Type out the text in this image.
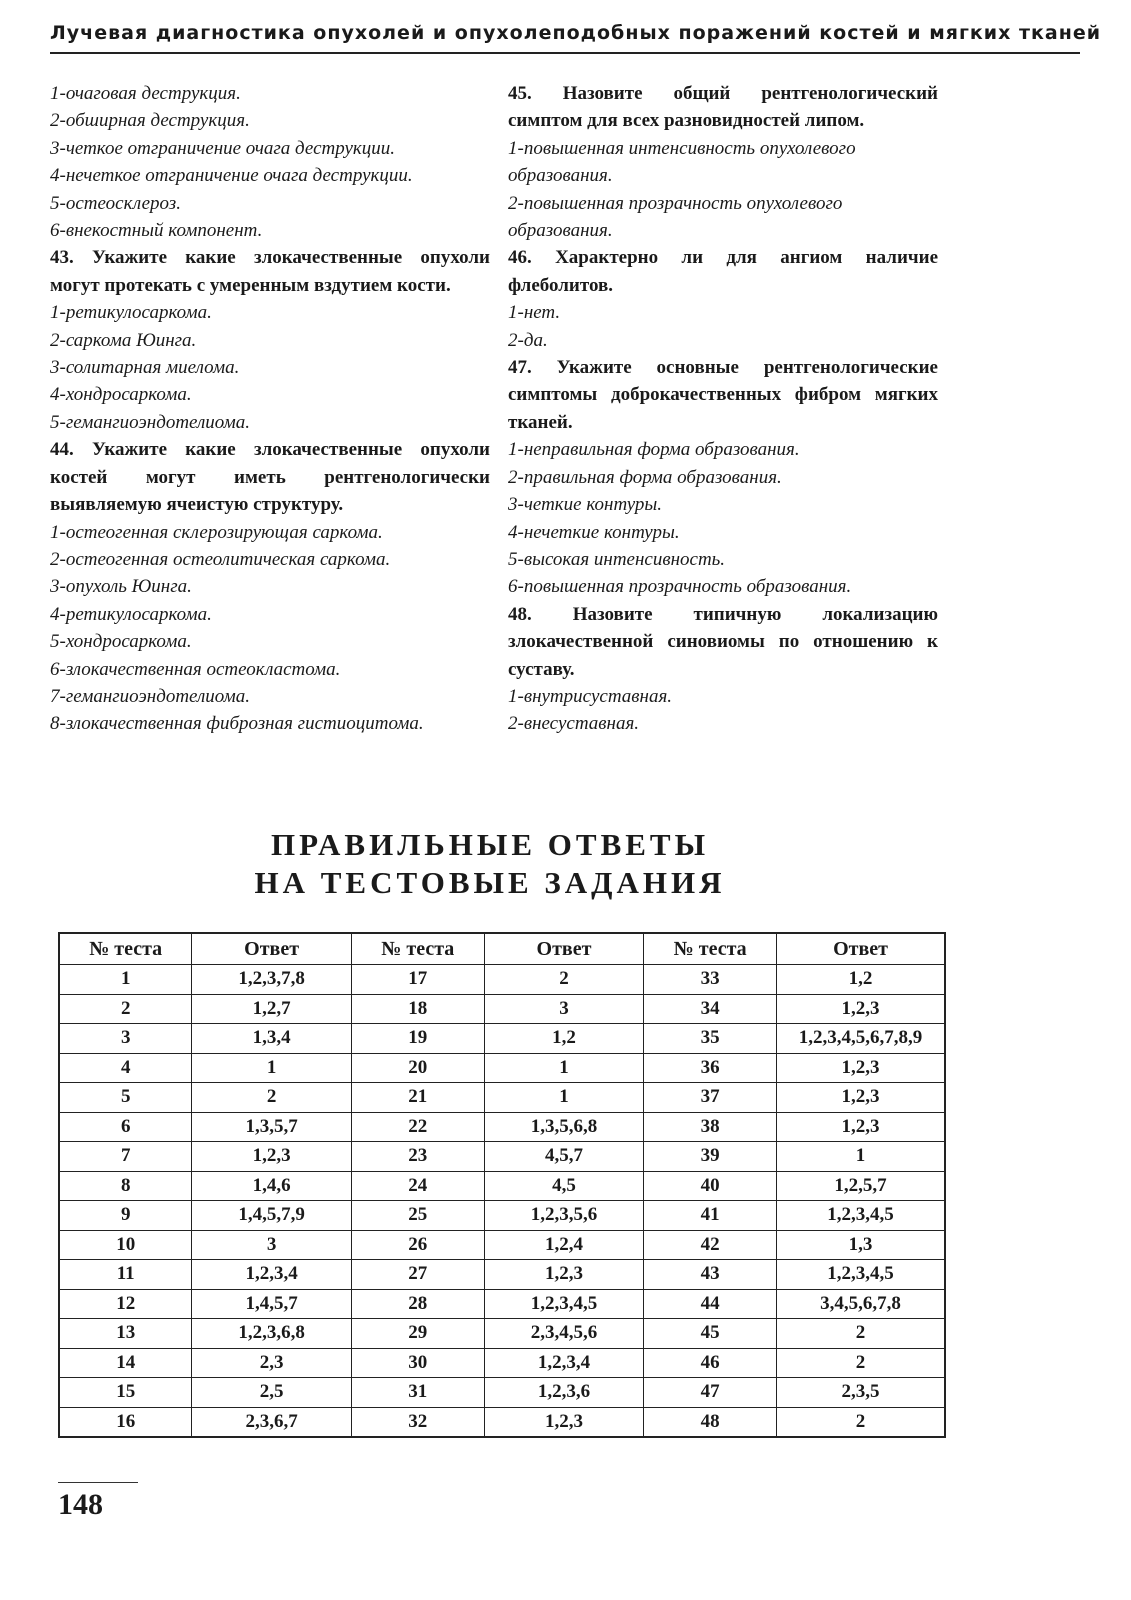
Лучевая диагностика опухолей и опухолеподобных поражений костей и мягких тканей

1-очаговая деструкция.

2-обширная деструкция.

3-четкое отграничение очага деструкции.

4-нечеткое отграничение очага деструкции.

5-остеосклероз.

6-внекостный компонент.

43. Укажите какие злокачественные опухоли могут протекать с умеренным вздутием кости.

1-ретикулосаркома.

2-саркома Юинга.

3-солитарная миелома.

4-хондросаркома.

5-гемангиоэндотелиома.

44. Укажите какие злокачественные опухоли костей могут иметь рентгенологически выявляемую ячеистую структуру.

1-остеогенная склерозирующая саркома.

2-остеогенная остеолитическая саркома.

3-опухоль Юинга.

4-ретикулосаркома.

5-хондросаркома.

6-злокачественная остеокластома.

7-гемангиоэндотелиома.

8-злокачественная фиброзная гистиоцитома.

45. Назовите общий рентгенологический симптом для всех разновидностей липом.

1-повышенная интенсивность опухолевого образования.

2-повышенная прозрачность опухолевого образования.

46. Характерно ли для ангиом наличие флеболитов.

1-нет.

2-да.

47. Укажите основные рентгенологические симптомы доброкачественных фибром мягких тканей.

1-неправильная форма образования.

2-правильная форма образования.

3-четкие контуры.

4-нечеткие контуры.

5-высокая интенсивность.

6-повышенная прозрачность образования.

48. Назовите типичную локализацию злокачественной синовиомы по отношению к суставу.

1-внутрисуставная.

2-внесуставная.

ПРАВИЛЬНЫЕ ОТВЕТЫ
НА ТЕСТОВЫЕ ЗАДАНИЯ
№ теста	Ответ	№ теста	Ответ	№ теста	Ответ
1	1,2,3,7,8	17	2	33	1,2
2	1,2,7	18	3	34	1,2,3
3	1,3,4	19	1,2	35	1,2,3,4,5,6,7,8,9
4	1	20	1	36	1,2,3
5	2	21	1	37	1,2,3
6	1,3,5,7	22	1,3,5,6,8	38	1,2,3
7	1,2,3	23	4,5,7	39	1
8	1,4,6	24	4,5	40	1,2,5,7
9	1,4,5,7,9	25	1,2,3,5,6	41	1,2,3,4,5
10	3	26	1,2,4	42	1,3
11	1,2,3,4	27	1,2,3	43	1,2,3,4,5
12	1,4,5,7	28	1,2,3,4,5	44	3,4,5,6,7,8
13	1,2,3,6,8	29	2,3,4,5,6	45	2
14	2,3	30	1,2,3,4	46	2
15	2,5	31	1,2,3,6	47	2,3,5
16	2,3,6,7	32	1,2,3	48	2
148
